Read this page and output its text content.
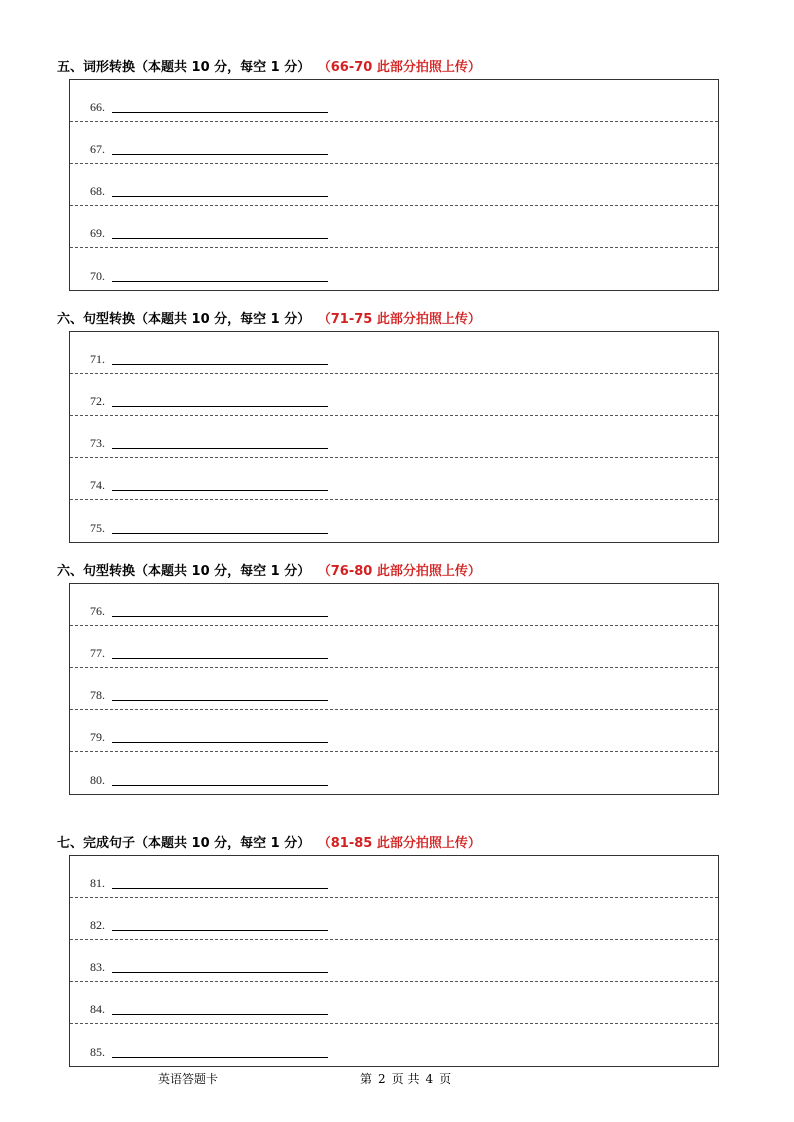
五、词形转换（本题共 10 分，每空 1 分） （66-70 此部分拍照上传）
66.
67.
68.
69.
70.
六、句型转换（本题共 10 分，每空 1 分） （71-75 此部分拍照上传）
71.
72.
73.
74.
75.
六、句型转换（本题共 10 分，每空 1 分） （76-80 此部分拍照上传）
76.
77.
78.
79.
80.
七、完成句子（本题共 10 分，每空 1 分） （81-85 此部分拍照上传）
81.
82.
83.
84.
85.
英语答题卡	第 2 页 共 4 页
